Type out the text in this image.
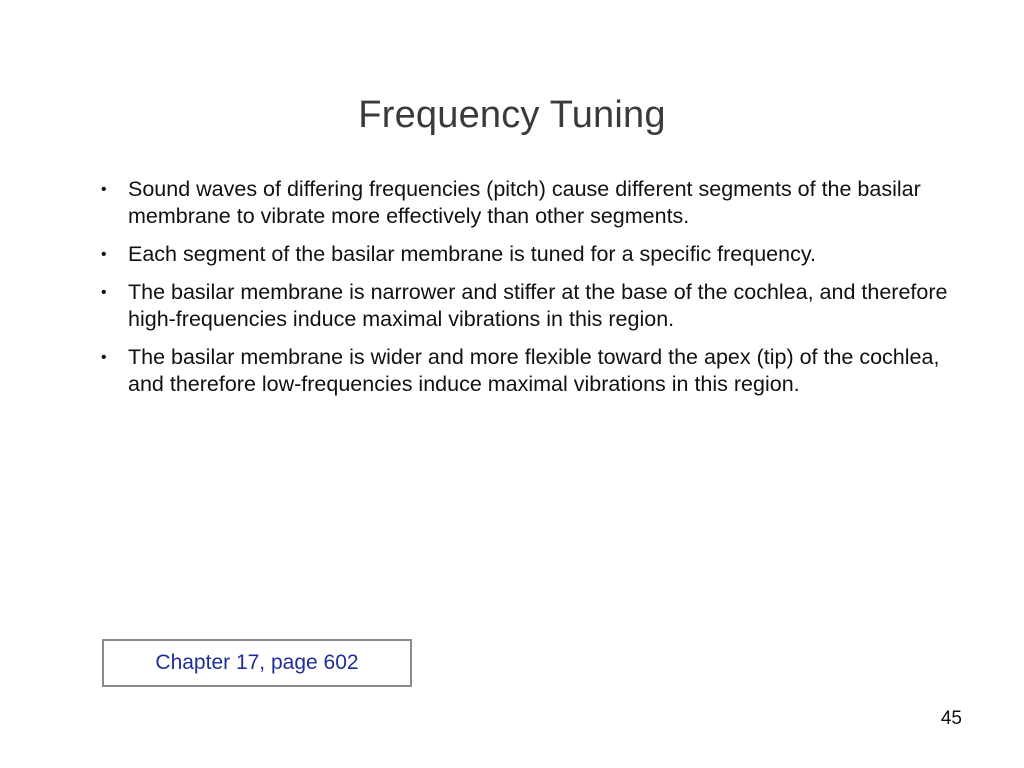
Frequency Tuning
• Sound waves of differing frequencies (pitch) cause different segments of the basilar membrane to vibrate more effectively than other segments.
• Each segment of the basilar membrane is tuned for a specific frequency.
• The basilar membrane is narrower and stiffer at the base of the cochlea, and therefore high-frequencies induce maximal vibrations in this region.
• The basilar membrane is wider and more flexible toward the apex (tip) of the cochlea, and therefore low-frequencies induce maximal vibrations in this region.
Chapter 17, page 602
45
